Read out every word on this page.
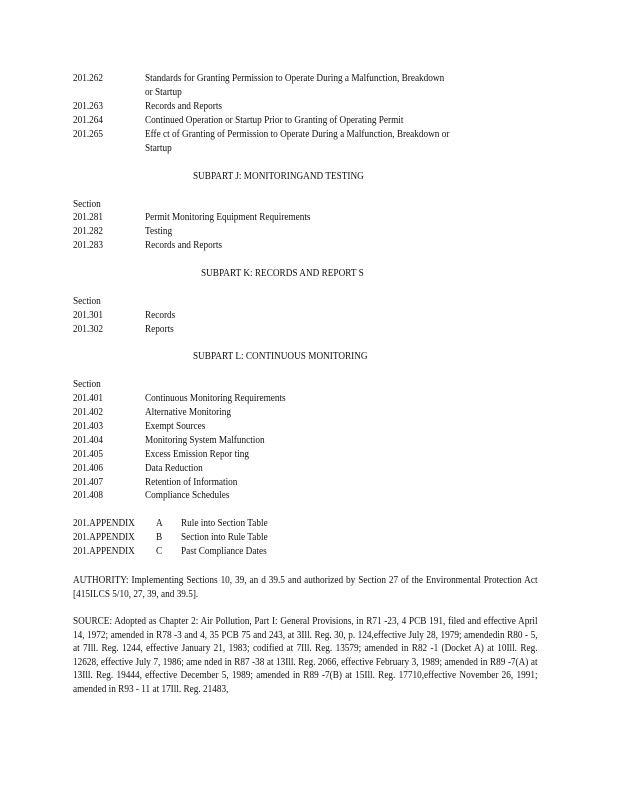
201.262	Standards for Granting Permission to Operate During a Malfunction, Breakdown
or Startup
201.263	Records and Reports
201.264	Continued Operation or Startup Prior to Granting of Operating Permit
201.265	Effe ct of Granting of Permission to Operate During a Malfunction, Breakdown or
Startup
SUBPART J: MONITORINGAND TESTING
Section
201.281	Permit Monitoring Equipment Requirements
201.282	Testing
201.283	Records and Reports
SUBPART K: RECORDS AND REPORT S
Section
201.301	Records
201.302	Reports
SUBPART L: CONTINUOUS MONITORING
Section
201.401	Continuous Monitoring Requirements
201.402	Alternative Monitoring
201.403	Exempt Sources
201.404	Monitoring System Malfunction
201.405	Excess Emission Repor ting
201.406	Data Reduction
201.407	Retention of Information
201.408	Compliance Schedules
201.APPENDIX A Rule into Section Table
201.APPENDIX B Section into Rule Table
201.APPENDIX C Past Compliance Dates

AUTHORITY: Implementing Sections 10, 39, an d 39.5 and authorized by Section 27 of the Environmental Protection Act [415ILCS 5/10, 27, 39, and 39.5].

SOURCE: Adopted as Chapter 2: Air Pollution, Part I: General Provisions, in R71 -23, 4 PCB 191, filed and effective April 14, 1972; amended in R78 -3 and 4, 35 PCB 75 and 243, at 3Ill. Reg. 30, p. 124,effective July 28, 1979; amendedin R80 - 5, at 7Ill. Reg. 1244, effective January 21, 1983; codified at 7Ill. Reg. 13579; amended in R82 -1 (Docket A) at 10Ill. Reg. 12628, effective July 7, 1986; ame nded in R87 -38 at 13Ill. Reg. 2066, effective February 3, 1989; amended in R89 -7(A) at 13Ill. Reg. 19444, effective December 5, 1989; amended in R89 -7(B) at 15Ill. Reg. 17710,effective November 26, 1991; amended in R93 - 11 at 17Ill. Reg. 21483,
